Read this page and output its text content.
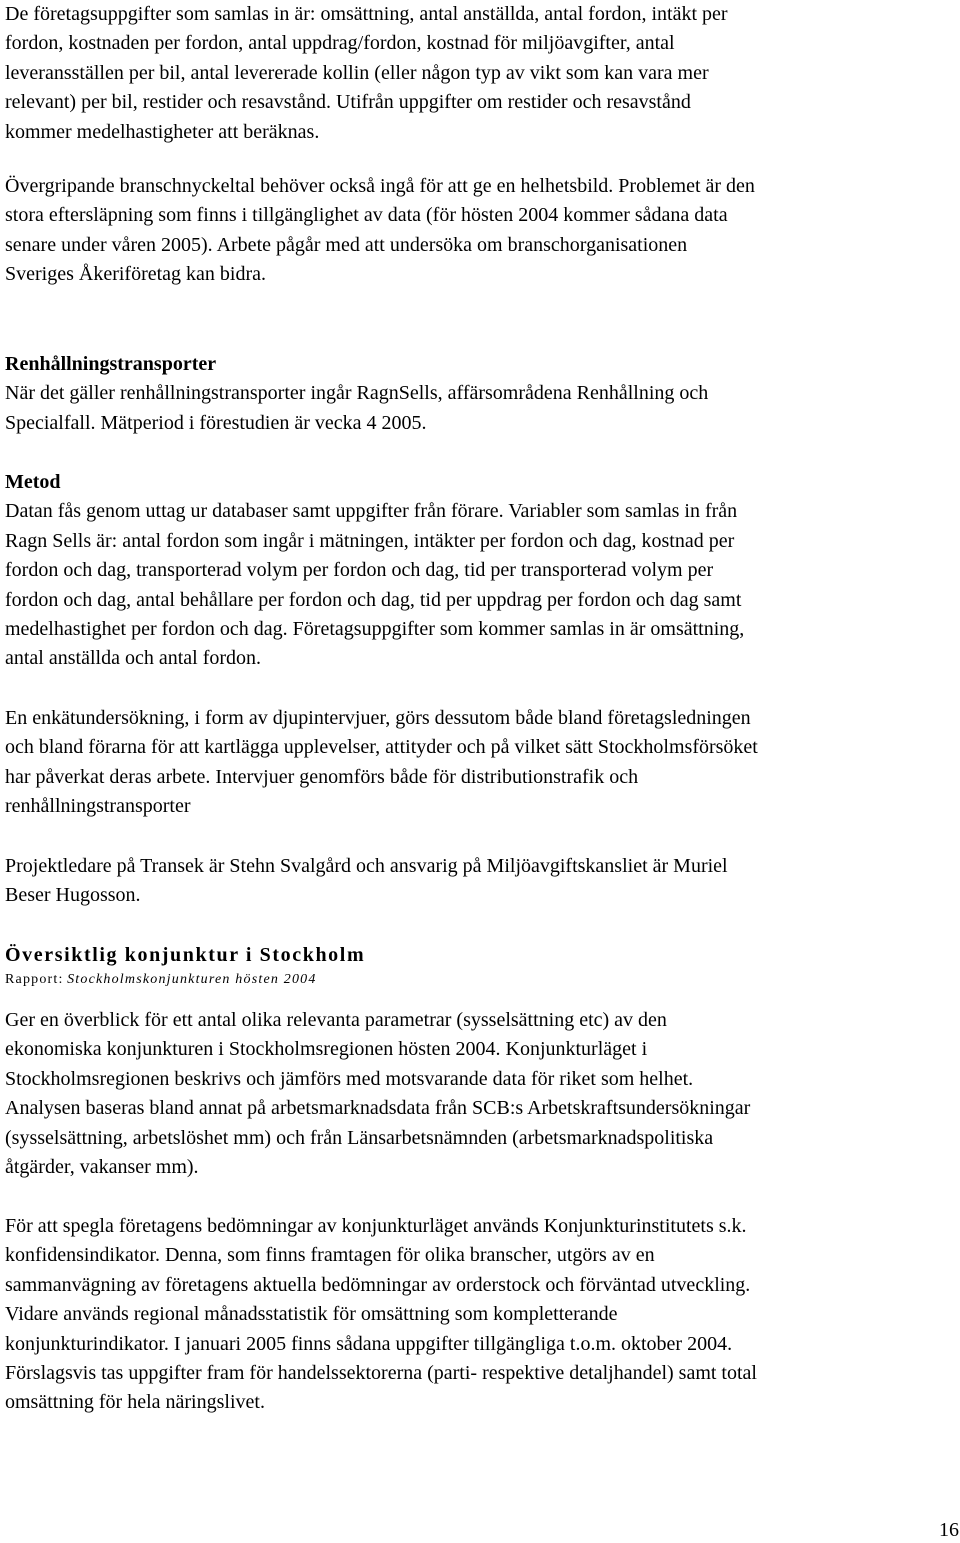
De företagsuppgifter som samlas in är: omsättning, antal anställda, antal fordon, intäkt per
fordon, kostnaden per fordon, antal uppdrag/fordon, kostnad för miljöavgifter, antal
leveransställen per bil, antal levererade kollin (eller någon typ av vikt som kan vara mer
relevant) per bil, restider och resavstånd. Utifrån uppgifter om restider och resavstånd
kommer medelhastigheter att beräknas.
Övergripande branschnyckeltal behöver också ingå för att ge en helhetsbild. Problemet är den
stora eftersläpning som finns i tillgänglighet av data (för hösten 2004 kommer sådana data
senare under våren 2005). Arbete pågår med att undersöka om branschorganisationen
Sveriges Åkeriföretag kan bidra.
Renhållningstransporter
När det gäller renhållningstransporter ingår RagnSells, affärsområdena Renhållning och
Specialfall. Mätperiod i förestudien är vecka 4 2005.
Metod
Datan fås genom uttag ur databaser samt uppgifter från förare. Variabler som samlas in från
Ragn Sells är: antal fordon som ingår i mätningen, intäkter per fordon och dag, kostnad per
fordon och dag, transporterad volym per fordon och dag, tid per transporterad volym per
fordon och dag, antal behållare per fordon och dag, tid per uppdrag per fordon och dag samt
medelhastighet per fordon och dag. Företagsuppgifter som kommer samlas in är omsättning,
antal anställda och antal fordon.
En enkätundersökning, i form av djupintervjuer, görs dessutom både bland företagsledningen
och bland förarna för att kartlägga upplevelser, attityder och på vilket sätt Stockholmsförsöket
har påverkat deras arbete. Intervjuer genomförs både för distributionstrafik och
renhållningstransporter
Projektledare på Transek är Stehn Svalgård och ansvarig på Miljöavgiftskansliet är Muriel
Beser Hugosson.
Översiktlig konjunktur i Stockholm
Rapport: Stockholmskonjunkturen hösten 2004
Ger en överblick för ett antal olika relevanta parametrar (sysselsättning etc) av den
ekonomiska konjunkturen i Stockholmsregionen hösten 2004. Konjunkturläget i
Stockholmsregionen beskrivs och jämförs med motsvarande data för riket som helhet.
Analysen baseras bland annat på arbetsmarknadsdata från SCB:s Arbetskraftsundersökningar
(sysselsättning, arbetslöshet mm) och från Länsarbetsnämnden (arbetsmarknadspolitiska
åtgärder, vakanser mm).
För att spegla företagens bedömningar av konjunkturläget används Konjunkturinstitutets s.k.
konfidensindikator. Denna, som finns framtagen för olika branscher, utgörs av en
sammanvägning av företagens aktuella bedömningar av orderstock och förväntad utveckling.
Vidare används regional månadsstatistik för omsättning som kompletterande
konjunkturindikator. I januari 2005 finns sådana uppgifter tillgängliga t.o.m. oktober 2004.
Förslagsvis tas uppgifter fram för handelssektorerna (parti- respektive detaljhandel) samt total
omsättning för hela näringslivet.
16
